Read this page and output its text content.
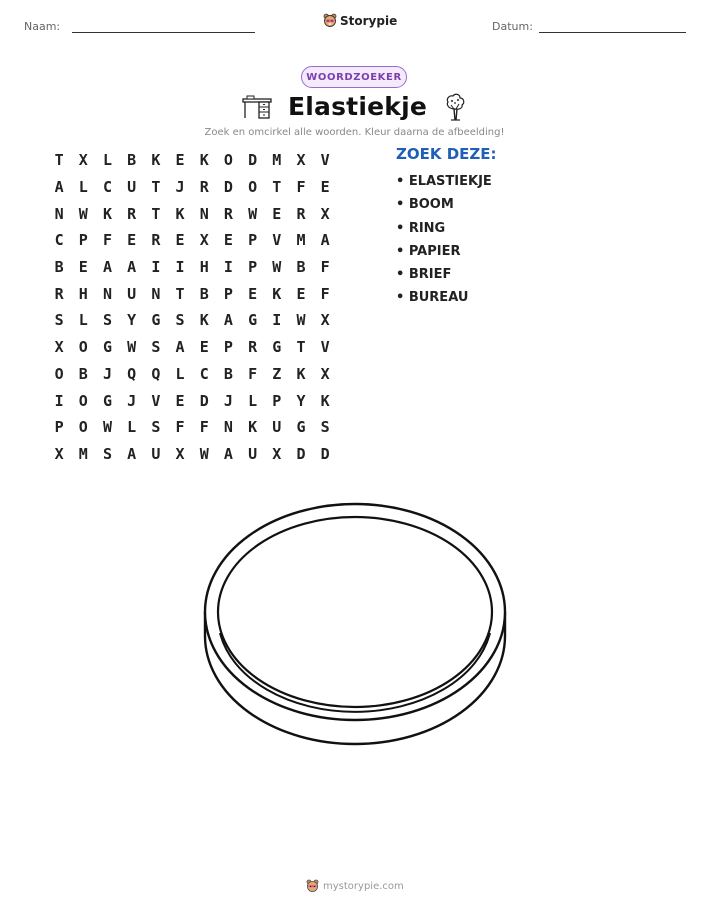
Naam:	Storypie	Datum:
WOORDZOEKER
Elastiekje
Zoek en omcirkel alle woorden. Kleur daarna de afbeelding!
T	X	L	B	K	E	K	O	D	M	X	V
A	L	C	U	T	J	R	D	O	T	F	E
N	W	K	R	T	K	N	R	W	E	R	X
C	P	F	E	R	E	X	E	P	V	M	A
B	E	A	A	I	I	H	I	P	W	B	F
R	H	N	U	N	T	B	P	E	K	E	F
S	L	S	Y	G	S	K	A	G	I	W	X
X	O	G	W	S	A	E	P	R	G	T	V
O	B	J	Q	Q	L	C	B	F	Z	K	X
I	O	G	J	V	E	D	J	L	P	Y	K
P	O	W	L	S	F	F	N	K	U	G	S
X	M	S	A	U	X	W	A	U	X	D	D
ZOEK DEZE:
• ELASTIEKJE
• BOOM
• RING
• PAPIER
• BRIEF
• BUREAU
mystorypie.com
